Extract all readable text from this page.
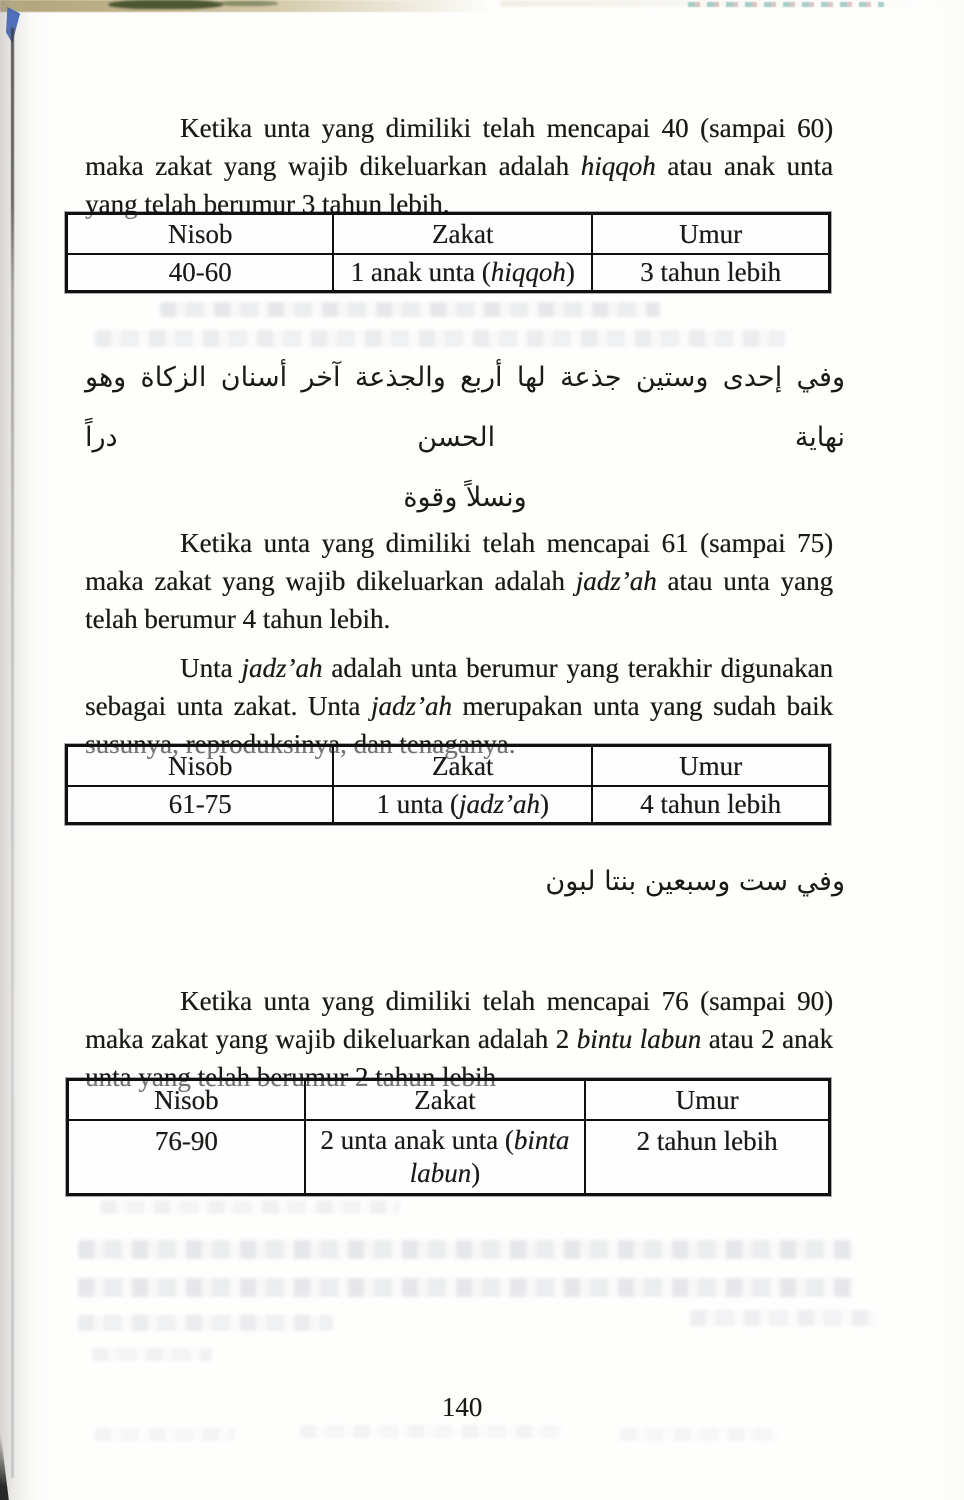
Ketika unta yang dimiliki telah mencapai 40 (sampai 60) maka zakat yang wajib dikeluarkan adalah hiqqoh atau anak unta yang telah berumur 3 tahun lebih.

Nisob	Zakat	Umur
40-60	1 anak unta (hiqqoh)	3 tahun lebih
وفي إحدى وستين جذعة لها أربع والجذعة آخر أسنان الزكاة وهو نهاية الحسن دراً
ونسلاً وقوة

Ketika unta yang dimiliki telah mencapai 61 (sampai 75) maka zakat yang wajib dikeluarkan adalah jadz’ah atau unta yang telah berumur 4 tahun lebih.

Unta jadz’ah adalah unta berumur yang terakhir digunakan sebagai unta zakat. Unta jadz’ah merupakan unta yang sudah baik susunya, reproduksinya, dan tenaganya.

Nisob	Zakat	Umur
61-75	1 unta (jadz’ah)	4 tahun lebih
وفي ست وسبعين بنتا لبون

Ketika unta yang dimiliki telah mencapai 76 (sampai 90) maka zakat yang wajib dikeluarkan adalah 2 bintu labun atau 2 anak unta yang telah berumur 2 tahun lebih

Nisob	Zakat	Umur
76-90	2 unta anak unta (binta labun)	2 tahun lebih
140
